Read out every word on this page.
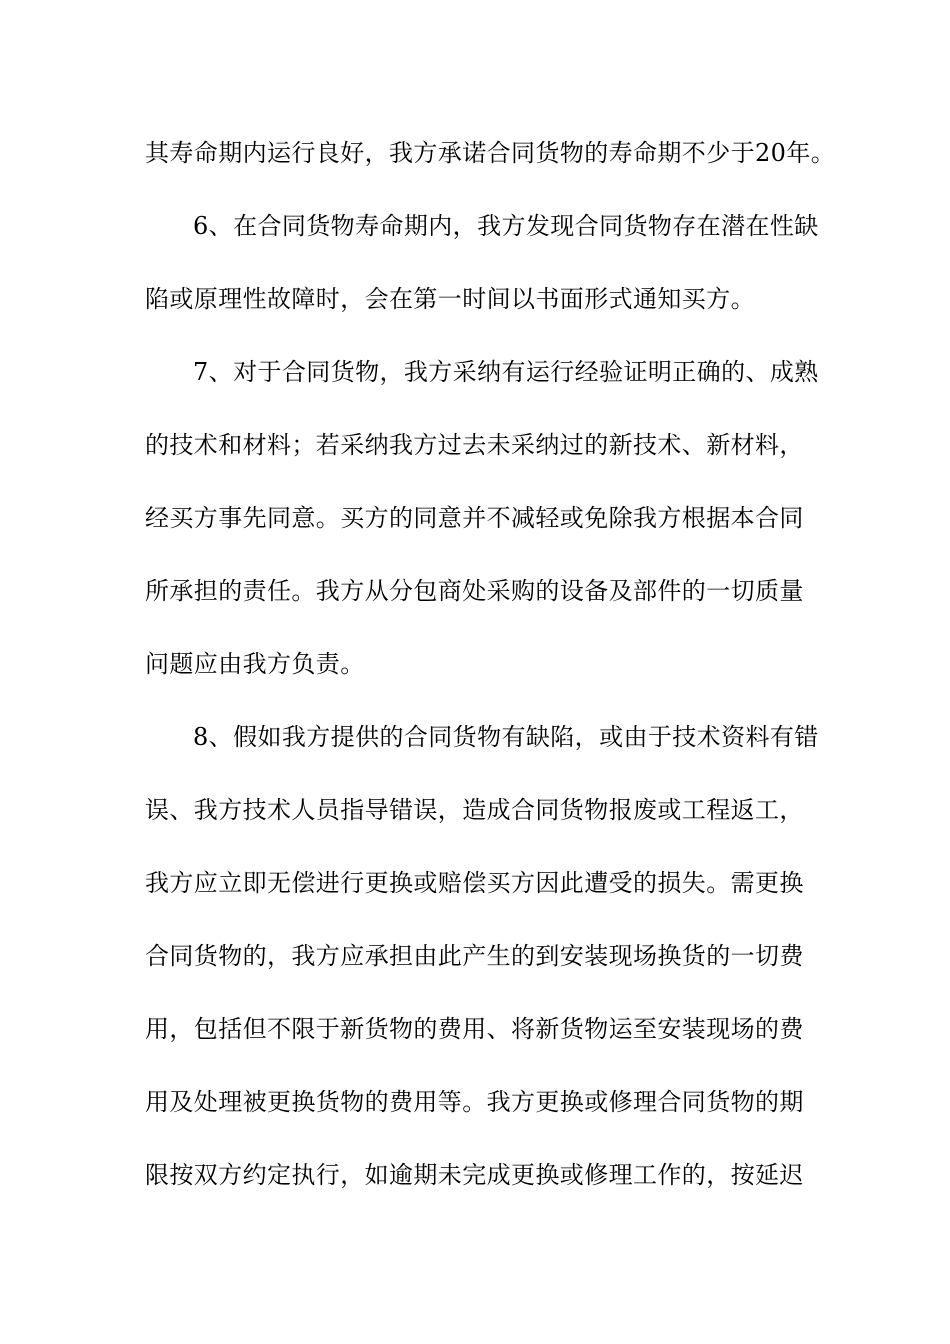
其寿命期内运行良好，我方承诺合同货物的寿命期不少于20年。
6、在合同货物寿命期内，我方发现合同货物存在潜在性缺
陷或原理性故障时，会在第一时间以书面形式通知买方。
7、对于合同货物，我方采纳有运行经验证明正确的、成熟
的技术和材料；若采纳我方过去未采纳过的新技术、新材料，
经买方事先同意。买方的同意并不减轻或免除我方根据本合同
所承担的责任。我方从分包商处采购的设备及部件的一切质量
问题应由我方负责。
8、假如我方提供的合同货物有缺陷，或由于技术资料有错
误、我方技术人员指导错误，造成合同货物报废或工程返工，
我方应立即无偿进行更换或赔偿买方因此遭受的损失。需更换
合同货物的，我方应承担由此产生的到安装现场换货的一切费
用，包括但不限于新货物的费用、将新货物运至安装现场的费
用及处理被更换货物的费用等。我方更换或修理合同货物的期
限按双方约定执行，如逾期未完成更换或修理工作的，按延迟
